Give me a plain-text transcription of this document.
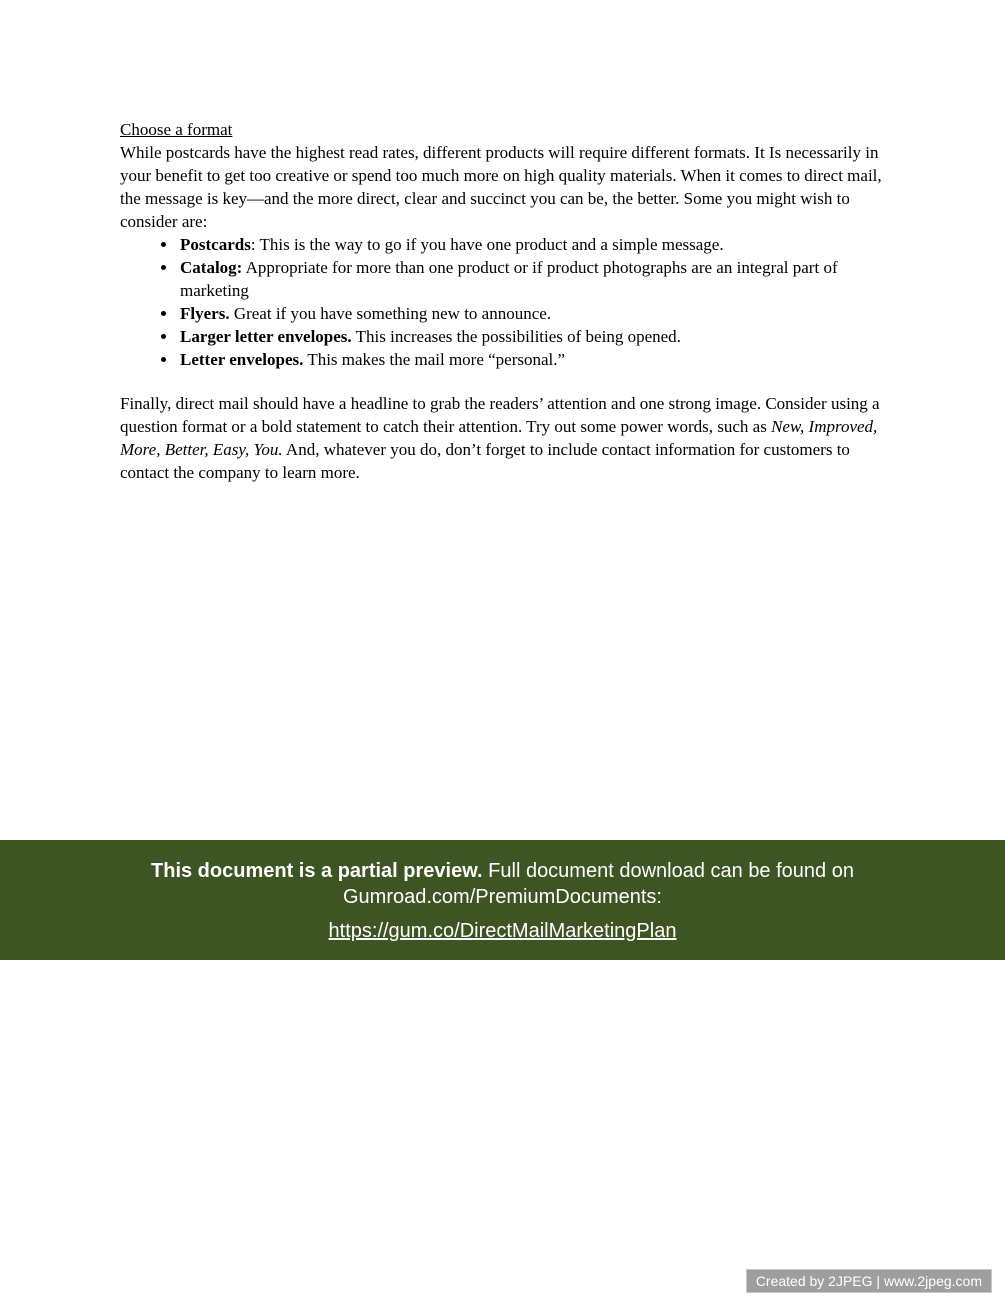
Choose a format

While postcards have the highest read rates, different products will require different formats. It Is necessarily in your benefit to get too creative or spend too much more on high quality materials. When it comes to direct mail, the message is key—and the more direct, clear and succinct you can be, the better. Some you might wish to consider are:

• Postcards: This is the way to go if you have one product and a simple message.
• Catalog: Appropriate for more than one product or if product photographs are an integral part of marketing
• Flyers. Great if you have something new to announce.
• Larger letter envelopes. This increases the possibilities of being opened.
• Letter envelopes. This makes the mail more “personal.”

Finally, direct mail should have a headline to grab the readers’ attention and one strong image. Consider using a question format or a bold statement to catch their attention. Try out some power words, such as New, Improved, More, Better, Easy, You. And, whatever you do, don’t forget to include contact information for customers to contact the company to learn more.

This document is a partial preview. Full document download can be found on Gumroad.com/PremiumDocuments:

https://gum.co/DirectMailMarketingPlan

Created by 2JPEG | www.2jpeg.com
